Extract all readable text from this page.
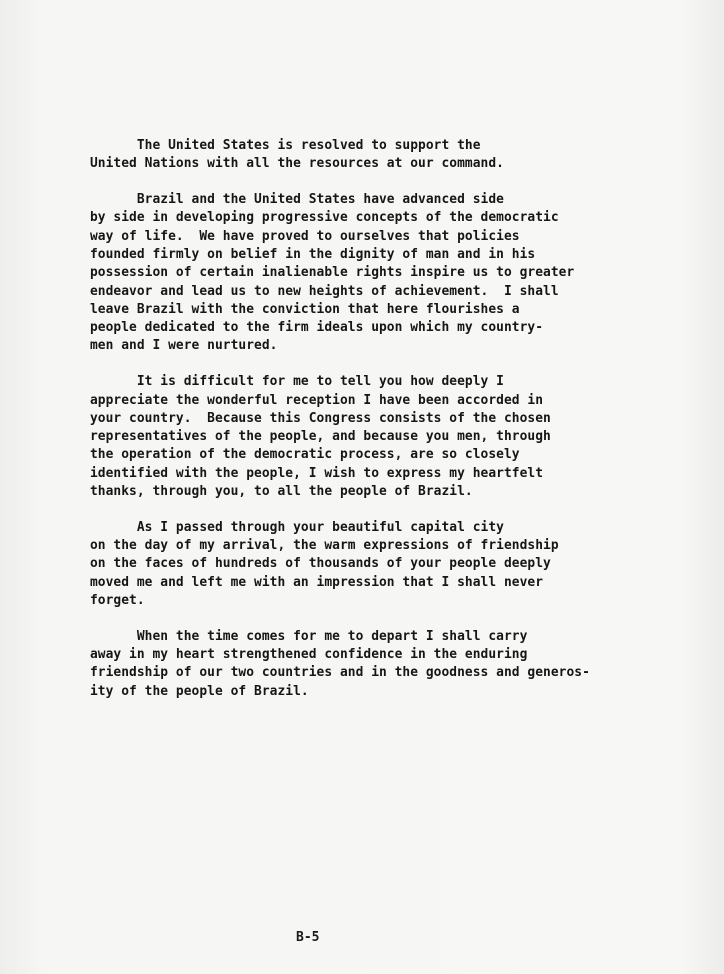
The United States is resolved to support the
United Nations with all the resources at our command.
Brazil and the United States have advanced side
by side in developing progressive concepts of the democratic
way of life.  We have proved to ourselves that policies
founded firmly on belief in the dignity of man and in his
possession of certain inalienable rights inspire us to greater
endeavor and lead us to new heights of achievement.  I shall
leave Brazil with the conviction that here flourishes a
people dedicated to the firm ideals upon which my country-
men and I were nurtured.
It is difficult for me to tell you how deeply I
appreciate the wonderful reception I have been accorded in
your country.  Because this Congress consists of the chosen
representatives of the people, and because you men, through
the operation of the democratic process, are so closely
identified with the people, I wish to express my heartfelt
thanks, through you, to all the people of Brazil.
As I passed through your beautiful capital city
on the day of my arrival, the warm expressions of friendship
on the faces of hundreds of thousands of your people deeply
moved me and left me with an impression that I shall never
forget.
When the time comes for me to depart I shall carry
away in my heart strengthened confidence in the enduring
friendship of our two countries and in the goodness and generos-
ity of the people of Brazil.
B-5
